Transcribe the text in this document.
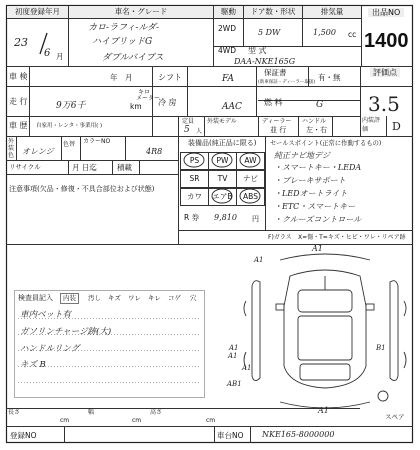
初度登録年月	車名・グレード	駆動	ドア数・形状	排気量	出品NO
1400
23
6 月
カロ-ラフィ-ルダ-
ハイブリッドG
ダブルバイブス
2WD
4WD
5 DW	1,500 cc
型 式
DAA-NKE165G
車 検	年　月	シフト	FA
保証書
(新車保証・ディーラー取扱)
有・無
評価点
3.5
走 行	9万6千	km
キロ
メーター
冷 房	AAC	燃 料	G
車 歴 自家用・レンタ・事業用( )
定員
5 人
外装モデル	ディーラー
並 行
ハンドル
左・右
内装評価	D
外装色 オレンジ
色替	カラーNO
4R8
リサイクル	月 日迄	積載
注意事項(欠品・修復・不具合部位および状態)
装備品(純正品に限る)
PS	PW	AW
SR	TV	ナビ
カワ	エアB	ABS
R 券 9,810 円
セールスポイント(正常に作動するもの)
純正ナビ地デジ
・スマートキー・LEDA
・ブレーキサポート
・LEDオートライト
・ETC・スマートキー
・クルーズコントロール
F)ガラス X=傷・T=キズ・ヒビ・ワレ・リペア跡
A1
A1
A1
A1
B1
A1
AB1
A1
スペア
検査員記入	内装	汚し キズ ワレ キレ コゲ 穴
車内ベット有
ガソリンチャージ跡(大)
ハンドルリング
キズ B
長さ
cm
幅
cm
高さ
cm
登録NO	車台NO NKE165-8000000
